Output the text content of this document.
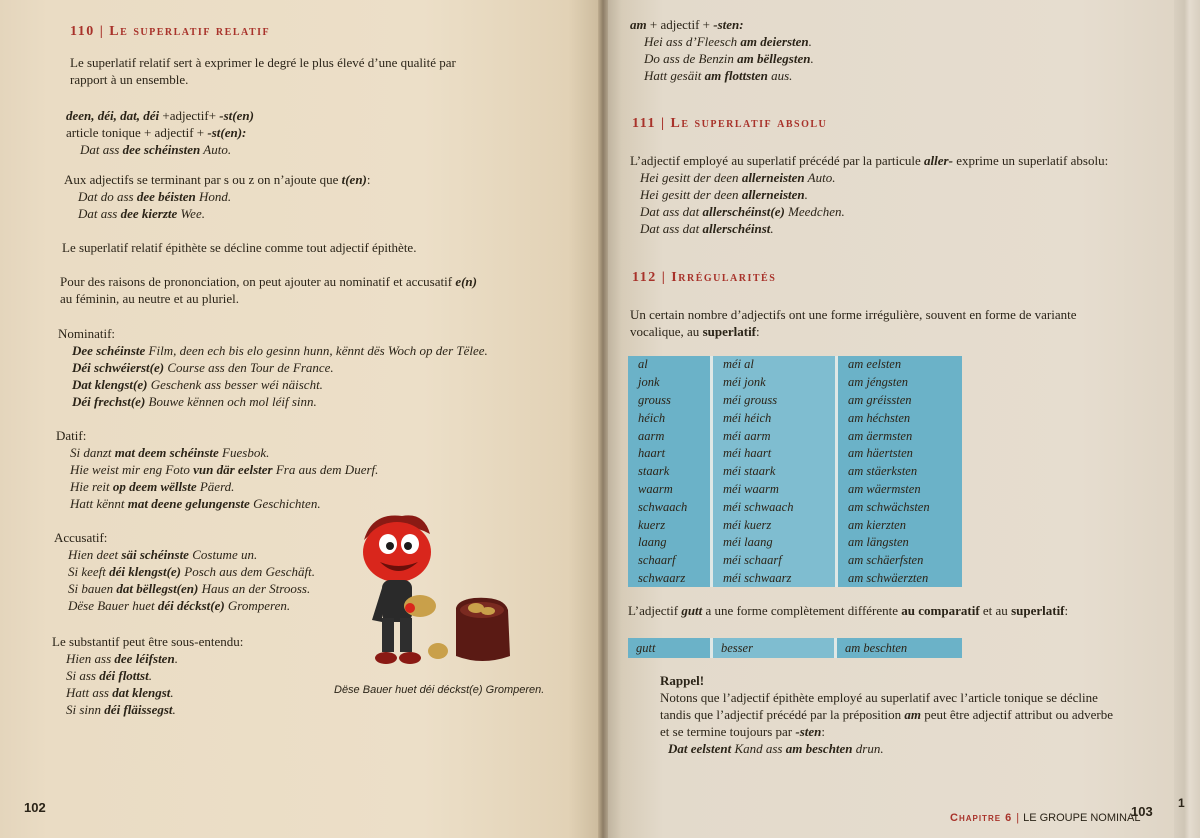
110 | Le superlatif relatif
Le superlatif relatif sert à exprimer le degré le plus élevé d’une qualité par
rapport à un ensemble.
deen, déi, dat, déi +adjectif+ -st(en)
article tonique + adjectif + -st(en):
Dat ass dee schéinsten Auto.
Aux adjectifs se terminant par s ou z on n’ajoute que t(en):
Dat do ass dee béisten Hond.
Dat ass dee kierzte Wee.
Le superlatif relatif épithète se décline comme tout adjectif épithète.
Pour des raisons de prononciation, on peut ajouter au nominatif et accusatif e(n)
au féminin, au neutre et au pluriel.
Nominatif:
Dee schéinste Film, deen ech bis elo gesinn hunn, kënnt dës Woch op der Tëlee.
Déi schwéierst(e) Course ass den Tour de France.
Dat klengst(e) Geschenk ass besser wéi näischt.
Déi frechst(e) Bouwe kënnen och mol léif sinn.
Datif:
Si danzt mat deem schéinste Fuesbok.
Hie weist mir eng Foto vun där eelster Fra aus dem Duerf.
Hie reit op deem wëllste Päerd.
Hatt kënnt mat deene gelungenste Geschichten.
Accusatif:
Hien deet säi schéinste Costume un.
Si keeft déi klengst(e) Posch aus dem Geschäft.
Si bauen dat bëllegst(en) Haus an der Strooss.
Dëse Bauer huet déi déckst(e) Gromperen.
Le substantif peut être sous-entendu:
Hien ass dee léifsten.
Si ass déi flottst.
Hatt ass dat klengst.
Si sinn déi fläissegst.
Dëse Bauer huet déi déckst(e) Gromperen.
102
am + adjectif + -sten:
Hei ass d’Fleesch am deiersten.
Do ass de Benzin am bëllegsten.
Hatt gesäit am flottsten aus.
111 | Le superlatif absolu
L’adjectif employé au superlatif précédé par la particule aller- exprime un superlatif absolu:
Hei gesitt der deen allerneisten Auto.
Hei gesitt der deen allerneisten.
Dat ass dat allerschéinst(e) Meedchen.
Dat ass dat allerschéinst.
112 | Irrégularités
Un certain nombre d’adjectifs ont une forme irrégulière, souvent en forme de variante
vocalique, au superlatif:
al	méi al	am eelsten
jonk	méi jonk	am jéngsten
grouss	méi grouss	am gréissten
héich	méi héich	am héchsten
aarm	méi aarm	am äermsten
haart	méi haart	am häertsten
staark	méi staark	am stäerksten
waarm	méi waarm	am wäermsten
schwaach	méi schwaach	am schwächsten
kuerz	méi kuerz	am kierzten
laang	méi laang	am längsten
schaarf	méi schaarf	am schäerfsten
schwaarz	méi schwaarz	am schwäerzten
L’adjectif gutt a une forme complètement différente au comparatif et au superlatif:
gutt	besser	am beschten
Rappel!
Notons que l’adjectif épithète employé au superlatif avec l’article tonique se décline
tandis que l’adjectif précédé par la préposition am peut être adjectif attribut ou adverbe
et se termine toujours par -sten:
Dat eelstent Kand ass am beschten drun.
Chapitre 6 | LE GROUPE NOMINAL
103
1
